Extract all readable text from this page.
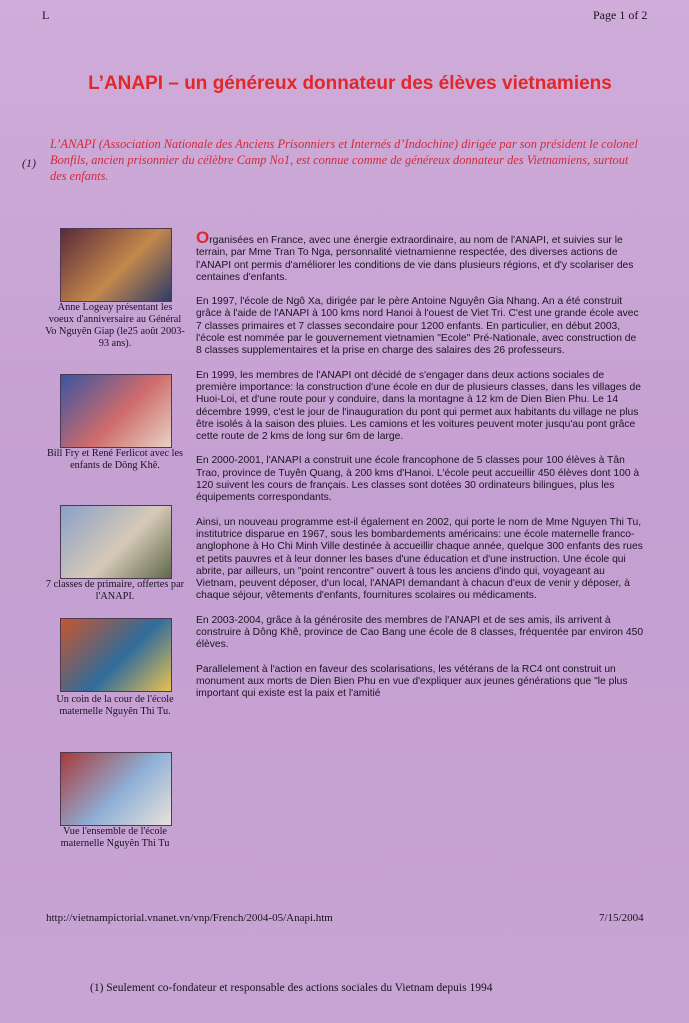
L	Page 1 of 2
L’ANAPI – un généreux donnateur des élèves vietnamiens
(1)
L’ANAPI (Association Nationale des Anciens Prisonniers et Internés d’Indochine) dirigée par son président le colonel Bonfils, ancien prisonnier du célèbre Camp No1, est connue comme de généreux donnateur des Vietnamiens, surtout des enfants.
Anne Logeay présentant les voeux d'anniversaire au Général Vo Nguyên Giap (le25 août 2003-93 ans).
Bill Fry et René Ferlicot avec les enfants de Dông Khê.
7 classes de primaire, offertes par l'ANAPI.
Un coin de la cour de l'école maternelle Nguyên Thi Tu.
Vue l'ensemble de l'école maternelle Nguyên Thi Tu

Organisées en France, avec une énergie extraordinaire, au nom de l'ANAPI, et suivies sur le terrain, par Mme Tran To Nga, personnalité vietnamienne respectée, des diverses actions de l'ANAPI ont permis d'améliorer les conditions de vie dans plusieurs régions, et d'y scolariser des centaines d'enfants.

En 1997, l'école de Ngô Xa, dirigée par le père Antoine Nguyên Gia Nhang. An a été construit grâce à l'aide de l'ANAPI à 100 kms nord Hanoi à l'ouest de Viet Tri. C'est une grande école avec 7 classes primaires et 7 classes secondaire pour 1200 enfants. En particulier, en début 2003, l'école est nommée par le gouvernement vietnamien "Ecole" Pré-Nationale, avec construction de 8 classes supplementaires et la prise en charge des salaires des 26 professeurs.

En 1999, les membres de l'ANAPI ont décidé de s'engager dans deux actions sociales de première importance: la construction d'une école en dur de plusieurs classes, dans les villages de Huoi-Loi, et d'une route pour y conduire, dans la montagne à 12 km de Dien Bien Phu. Le 14 décembre 1999, c'est le jour de l'inauguration du pont qui permet aux habitants du village ne plus être isolés à la saison des pluies. Les camions et les voitures peuvent moter jusqu'au pont grâce cette route de 2 kms de long sur 6m de large.

En 2000-2001, l'ANAPI a construit une école francophone de 5 classes pour 100 élèves à Tân Trao, province de Tuyên Quang, à 200 kms d'Hanoi. L'école peut accueillir 450 élèves dont 100 à 120 suivent les cours de français. Les classes sont dotées 30 ordinateurs bilingues, plus les équipements correspondants.

Ainsi, un nouveau programme est-il également en 2002, qui porte le nom de Mme Nguyen Thi Tu, institutrice disparue en 1967, sous les bombardements américains: une école maternelle franco-anglophone à Ho Chi Minh Ville destinée à accueillir chaque année, quelque 300 enfants des rues et petits pauvres et à leur donner les bases d'une éducation et d'une instruction. Une école qui abrite, par ailleurs, un "point rencontre" ouvert à tous les anciens d'indo qui, voyageant au Vietnam, peuvent déposer, d'un local, l'ANAPI demandant à chacun d'eux de venir y déposer, à chaque séjour, vêtements d'enfants, fournitures scolaires ou médicaments.

En 2003-2004, grâce à la générosite des membres de l'ANAPI et de ses amis, ils arrivent à construire à Dông Khê, province de Cao Bang une école de 8 classes, fréquentée par environ 450 élèves.

Parallelement à l'action en faveur des scolarisations, les vétérans de la RC4 ont construit un monument aux morts de Dien Bien Phu en vue d'expliquer aux jeunes générations que "le plus important qui existe est la paix et l'amitié

http://vietnampictorial.vnanet.vn/vnp/French/2004-05/Anapi.htm	7/15/2004
(1) Seulement co-fondateur et responsable des actions sociales du Vietnam depuis 1994
